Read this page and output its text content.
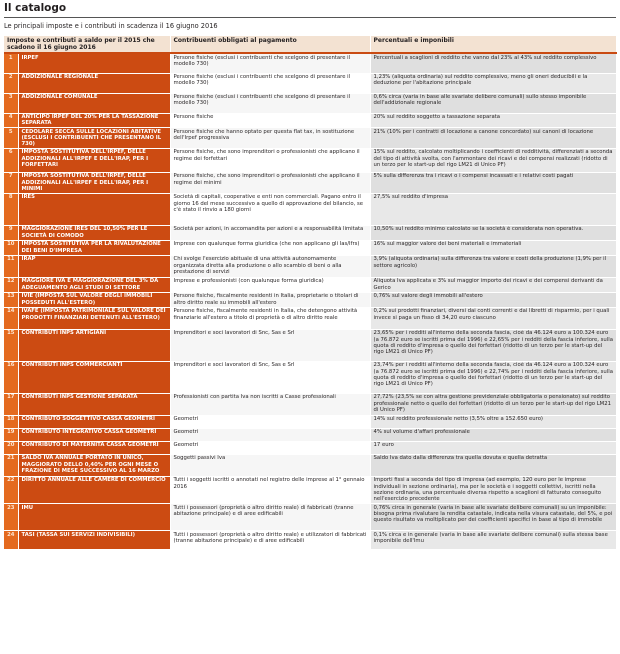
Il catalogo
Le principali imposte e i contributi in scadenza il 16 giugno 2016
Imposte e contributi a saldo per il 2015 che scadono il 16 giugno 2016		Contribuenti obbligati al pagamento	Percentuali e imponibili
1	IRPEF	Persone fisiche (esclusi i contribuenti che scelgono di presentare il modello 730)	Percentuali a scaglioni di reddito che vanno dal 23% al 43% sul reddito complessivo
2	ADDIZIONALE REGIONALE	Persone fisiche (esclusi i contribuenti che scelgono di presentare il modello 730)	1,23% (aliquota ordinaria) sul reddito complessivo, meno gli oneri deducibili e la deduzione per l'abitazione principale
3	ADDIZIONALE COMUNALE	Persone fisiche (esclusi i contribuenti che scelgono di presentare il modello 730)	0,6% circa (varia in base alle svariate delibere comunali) sullo stesso imponibile dell'addizionale regionale
4	ANTICIPO IRPEF DEL 20% PER LA TASSAZIONE SEPARATA	Persone fisiche	20% sul reddito soggetto a tassazione separata
5	CEDOLARE SECCA SULLE LOCAZIONI ABITATIVE (ESCLUSI I CONTRIBUENTI CHE PRESENTANO IL 730)	Persone fisiche che hanno optato per questa flat tax, in sostituzione dell'Irpef progressiva	21% (10% per i contratti di locazione a canone concordato) sui canoni di locazione
6	IMPOSTA SOSTITUTIVA DELL'IRPEF, DELLE ADDIZIONALI ALL'IRPEF E DELL'IRAP, PER I FORFETTARI	Persone fisiche, che sono imprenditori o professionisti che applicano il regime dei forfettari	15% sul reddito, calcolato moltiplicando i coefficienti di redditività, differenziati a seconda del tipo di attività svolta, con l'ammontare dei ricavi e dei compensi realizzati (ridotto di un terzo per le start-up del rigo LM21 di Unico PF)
7	IMPOSTA SOSTITUTIVA DELL'IRPEF, DELLE ADDIZIONALI ALL'IRPEF E DELL'IRAP, PER I MINIMI	Persone fisiche, che sono imprenditori o professionisti che applicano il regime dei minimi	5% sulla differenza tra i ricavi o i compensi incassati e i relativi costi pagati
8	IRES	Società di capitali, cooperative e enti non commerciali. Pagano entro il giorno 16 del mese successivo a quello di approvazione del bilancio, se c'è stato il rinvio a 180 giorni	27,5% sul reddito d'impresa
9	MAGGIORAZIONE IRES DEL 10,50% PER LE SOCIETÀ DI COMODO	Società per azioni, in accomandita per azioni e a responsabilità limitata	10,50% sul reddito minimo calcolato se la società è considerata non operativa.
10	IMPOSTA SOSTITUTIVA PER LA RIVALUTAZIONE DEI BENI D'IMPRESA	Imprese con qualunque forma giuridica (che non applicano gli Ias/Ifrs)	16% sul maggior valore dei beni materiali e immateriali
11	IRAP	Chi svolge l'esercizio abituale di una attività autonomamente organizzata diretta alla produzione o allo scambio di beni o alla prestazione di servizi	3,9% (aliquota ordinaria) sulla differenza tra valore e costi della produzione (1,9% per il settore agricolo)
12	MAGGIORE IVA E MAGGIORAZIONE DEL 3% DA ADEGUAMENTO AGLI STUDI DI SETTORE	Imprese e professionisti (con qualunque forma giuridica)	Aliquota Iva applicata e 3% sul maggior importo dei ricavi e dei compensi derivanti da Gerico
13	IVIE (IMPOSTA SUL VALORE DEGLI IMMOBILI POSSEDUTI ALL'ESTERO)	Persone fisiche, fiscalmente residenti in Italia, proprietarie o titolari di altro diritto reale su immobili all'estero	0,76% sul valore degli immobili all'estero
14	IVAFE (IMPOSTA PATRIMONIALE SUL VALORE DEI PRODOTTI FINANZIARI DETENUTI ALL'ESTERO)	Persone fisiche, fiscalmente residenti in Italia, che detengono attività finanziarie all'estero a titolo di proprietà o di altro diritto reale	0,2% sui prodotti finanziari, diversi dai conti correnti e dai libretti di risparmio, per i quali invece si paga un fisso di 34,20 euro ciascuno
15	CONTRIBUTI INPS ARTIGIANI	Imprenditori e soci lavoratori di Snc, Sas e Srl	23,65% per i redditi all'interno della seconda fascia, cioè da 46.124 euro a 100.324 euro (a 76.872 euro se iscritti prima del 1996) e 22,65% per i redditi della fascia inferiore, sulla quota di reddito d'impresa o quello dei forfettari (ridotto di un terzo per le start-up del rigo LM21 di Unico PF)
16	CONTRIBUTI INPS COMMERCIANTI	Imprenditori e soci lavoratori di Snc, Sas e Srl	23,74% per i redditi all'interno della seconda fascia, cioè da 46.124 euro a 100.324 euro (a 76.872 euro se iscritti prima del 1996) e 22,74% per i redditi della fascia inferiore, sulla quota di reddito d'impresa o quello dei forfettari (ridotto di un terzo per le start-up del rigo LM21 di Unico PF)
17	CONTRIBUTI INPS GESTIONE SEPARATA	Professionisti con partita Iva non iscritti a Casse professionali	27,72% (23,5% se con altra gestione previdenziale obbligatoria o pensionato) sul reddito professionale netto o quello dei forfettari (ridotto di un terzo per le start-up del rigo LM21 di Unico PF)
18	CONTRIBUTO SOGGETTIVO CASSA GEOMETRI	Geometri	14% sul reddito professionale netto (3,5% oltre a 152.650 euro)
19	CONTRIBUTO INTEGRATIVO CASSA GEOMETRI	Geometri	4% sul volume d'affari professionale
20	CONTRIBUTO DI MATERNITÀ CASSA GEOMETRI	Geometri	17 euro
21	SALDO IVA ANNUALE PORTATO IN UNICO, MAGGIORATO DELLO 0,40% PER OGNI MESE O FRAZIONE DI MESE SUCCESSIVO AL 16 MARZO	Soggetti passivi Iva	Saldo Iva dato dalla differenza tra quella dovuta e quella detratta
22	DIRITTO ANNUALE ALLE CAMERE DI COMMERCIO	Tutti i soggetti iscritti o annotati nel registro delle imprese al 1° gennaio 2016	Importi fissi a seconda del tipo di impresa (ad esempio, 120 euro per le imprese individuali in sezione ordinaria), ma per le società e i soggetti collettivi, iscritti nella sezione ordinaria, una percentuale diversa rispetto a scaglioni di fatturato conseguito nell'esercizio precedente
23	IMU	Tutti i possessori (proprietà o altro diritto reale) di fabbricati (tranne abitazione principale) e di aree edificabili	0,76% circa in generale (varia in base alle svariate delibere comunali) su un imponibile: bisogna prima rivalutare la rendita catastale, indicata nella visura catastale, del 5%, e poi questo risultato va moltiplicato per dei coefficienti specifici in base al tipo di immobile
24	TASI (TASSA SUI SERVIZI INDIVISIBILI)	Tutti i possessori (proprietà o altro diritto reale) e utilizzatori di fabbricati (tranne abitazione principale) e di aree edificabili	0,1% circa e in generale (varia in base alle svariate delibere comunali) sulla stessa base imponibile dell'Imu
